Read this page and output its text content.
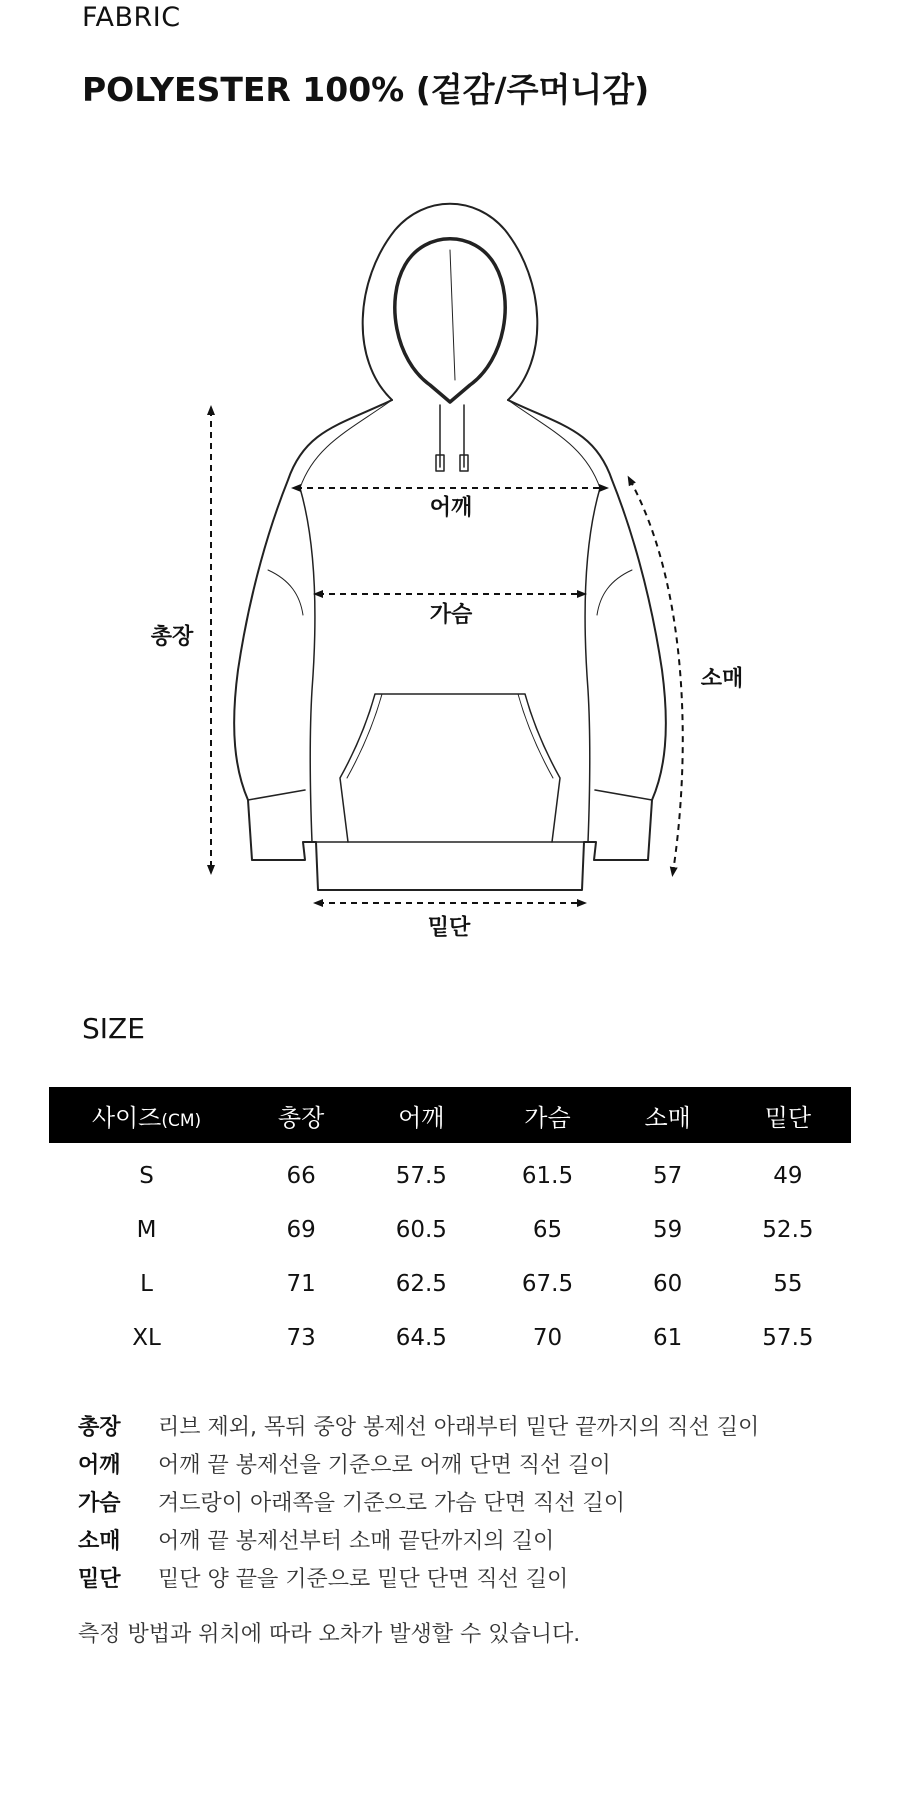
FABRIC
POLYESTER 100% (겉감/주머니감)
어깨
가슴
총장
소매
밑단
SIZE
사이즈(CM)	총장	어깨	가슴	소매	밑단
S	66	57.5	61.5	57	49
M	69	60.5	65	59	52.5
L	71	62.5	67.5	60	55
XL	73	64.5	70	61	57.5
총장	리브 제외, 목뒤 중앙 봉제선 아래부터 밑단 끝까지의 직선 길이
어깨	어깨 끝 봉제선을 기준으로 어깨 단면 직선 길이
가슴	겨드랑이 아래쪽을 기준으로 가슴 단면 직선 길이
소매	어깨 끝 봉제선부터 소매 끝단까지의 길이
밑단	밑단 양 끝을 기준으로 밑단 단면 직선 길이
측정 방법과 위치에 따라 오차가 발생할 수 있습니다.
